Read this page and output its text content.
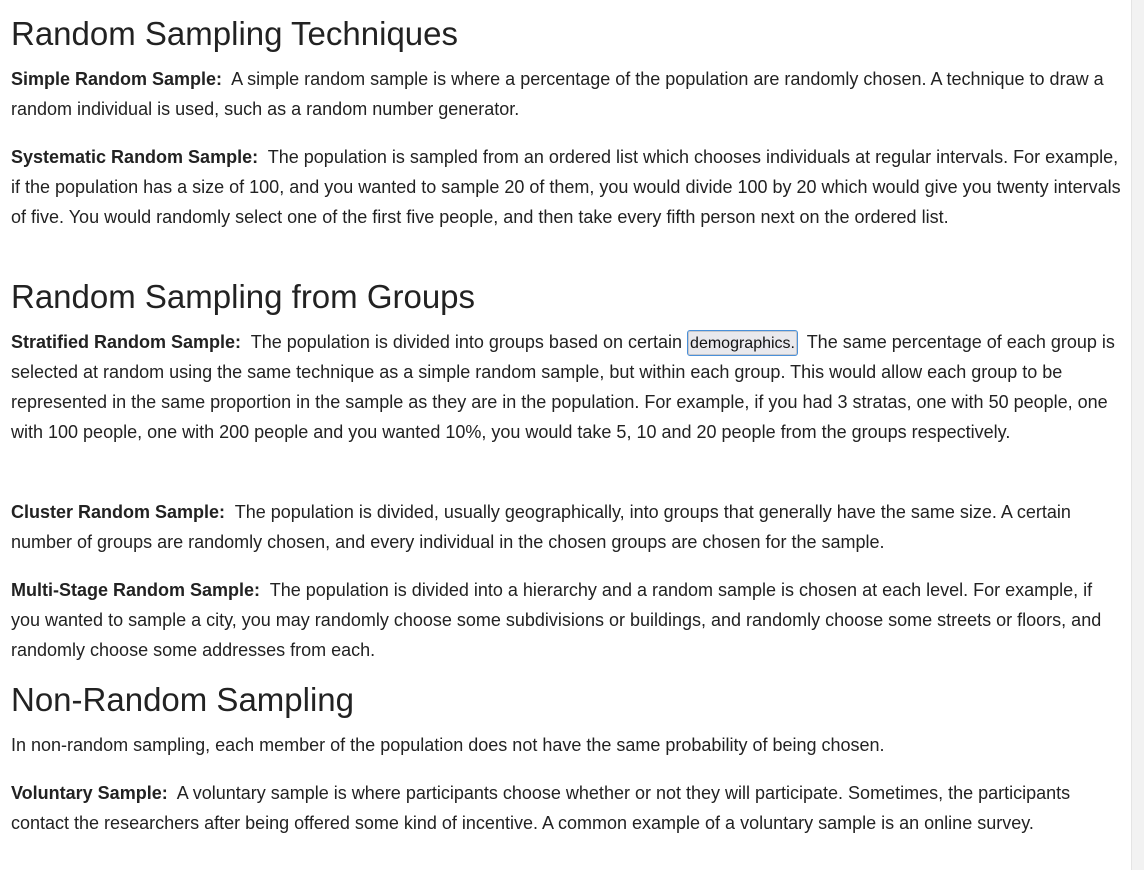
Random Sampling Techniques

Simple Random Sample: A simple random sample is where a percentage of the population are randomly chosen. A technique to draw a random individual is used, such as a random number generator.

Systematic Random Sample: The population is sampled from an ordered list which chooses individuals at regular intervals. For example, if the population has a size of 100, and you wanted to sample 20 of them, you would divide 100 by 20 which would give you twenty intervals of five. You would randomly select one of the first five people, and then take every fifth person next on the ordered list.

Random Sampling from Groups

Stratified Random Sample: The population is divided into groups based on certain demographics. The same percentage of each group is selected at random using the same technique as a simple random sample, but within each group. This would allow each group to be represented in the same proportion in the sample as they are in the population. For example, if you had 3 stratas, one with 50 people, one with 100 people, one with 200 people and you wanted 10%, you would take 5, 10 and 20 people from the groups respectively.

Cluster Random Sample: The population is divided, usually geographically, into groups that generally have the same size. A certain number of groups are randomly chosen, and every individual in the chosen groups are chosen for the sample.

Multi-Stage Random Sample: The population is divided into a hierarchy and a random sample is chosen at each level. For example, if you wanted to sample a city, you may randomly choose some subdivisions or buildings, and randomly choose some streets or floors, and randomly choose some addresses from each.

Non-Random Sampling

In non-random sampling, each member of the population does not have the same probability of being chosen.

Voluntary Sample: A voluntary sample is where participants choose whether or not they will participate. Sometimes, the participants contact the researchers after being offered some kind of incentive. A common example of a voluntary sample is an online survey.
